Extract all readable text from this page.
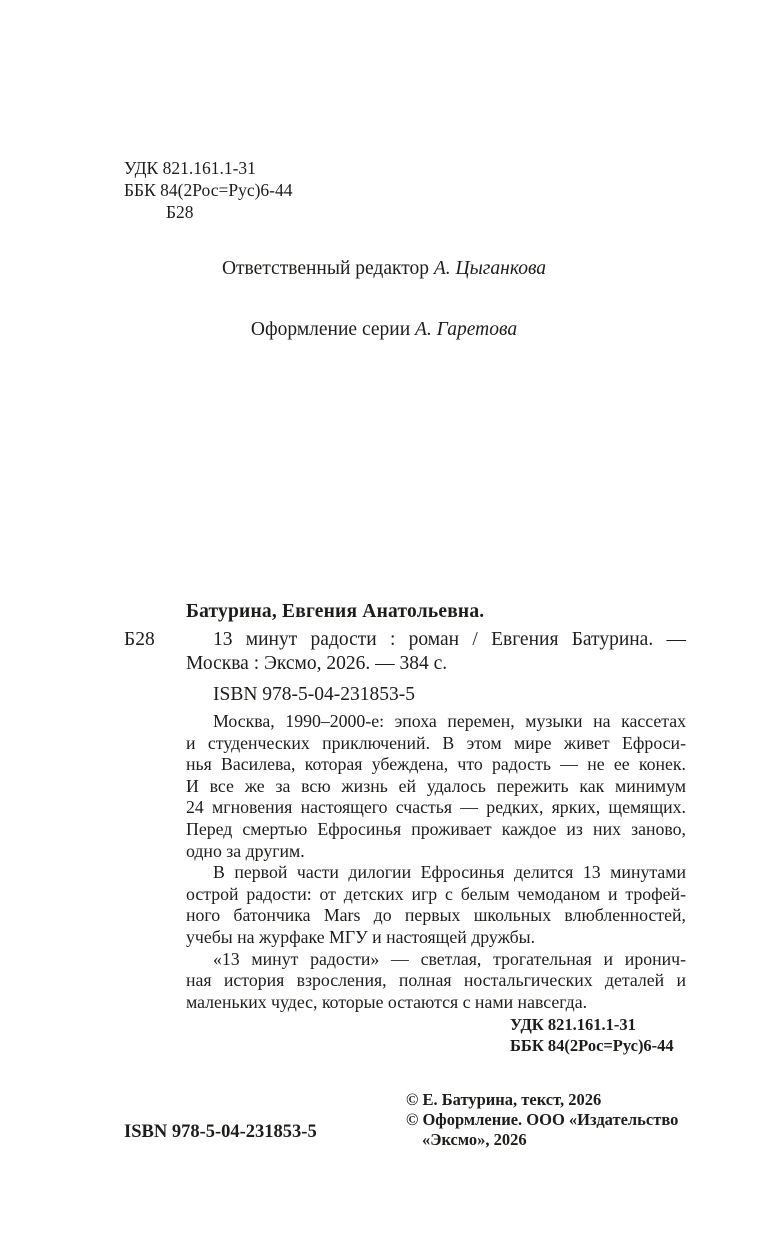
УДК 821.161.1-31

ББК 84(2Рос=Рус)6-44

Б28

Ответственный редактор А. Цыганкова

Оформление серии А. Гаретова

Батурина, Евгения Анатольевна.

Б28	13 минут радости : роман / Евгения Батурина. —
Москва : Эксмо, 2026. — 384 с.

ISBN 978-5-04-231853-5

Москва, 1990–2000-е: эпоха перемен, музыки на кассетах
и студенческих приключений. В этом мире живет Ефроси-
нья Василева, которая убеждена, что радость — не ее конек.
И все же за всю жизнь ей удалось пережить как минимум
24 мгновения настоящего счастья — редких, ярких, щемящих.
Перед смертью Ефросинья проживает каждое из них заново,
одно за другим.
В первой части дилогии Ефросинья делится 13 минутами
острой радости: от детских игр с белым чемоданом и трофей-
ного батончика Mars до первых школьных влюбленностей,
учебы на журфаке МГУ и настоящей дружбы.
«13 минут радости» — светлая, трогательная и иронич-
ная история взросления, полная ностальгических деталей и
маленьких чудес, которые остаются с нами навсегда.
УДК 821.161.1-31
ББК 84(2Рос=Рус)6-44

ISBN 978-5-04-231853-5

© Е. Батурина, текст, 2026
© Оформление. ООО «Издательство
«Эксмо», 2026
